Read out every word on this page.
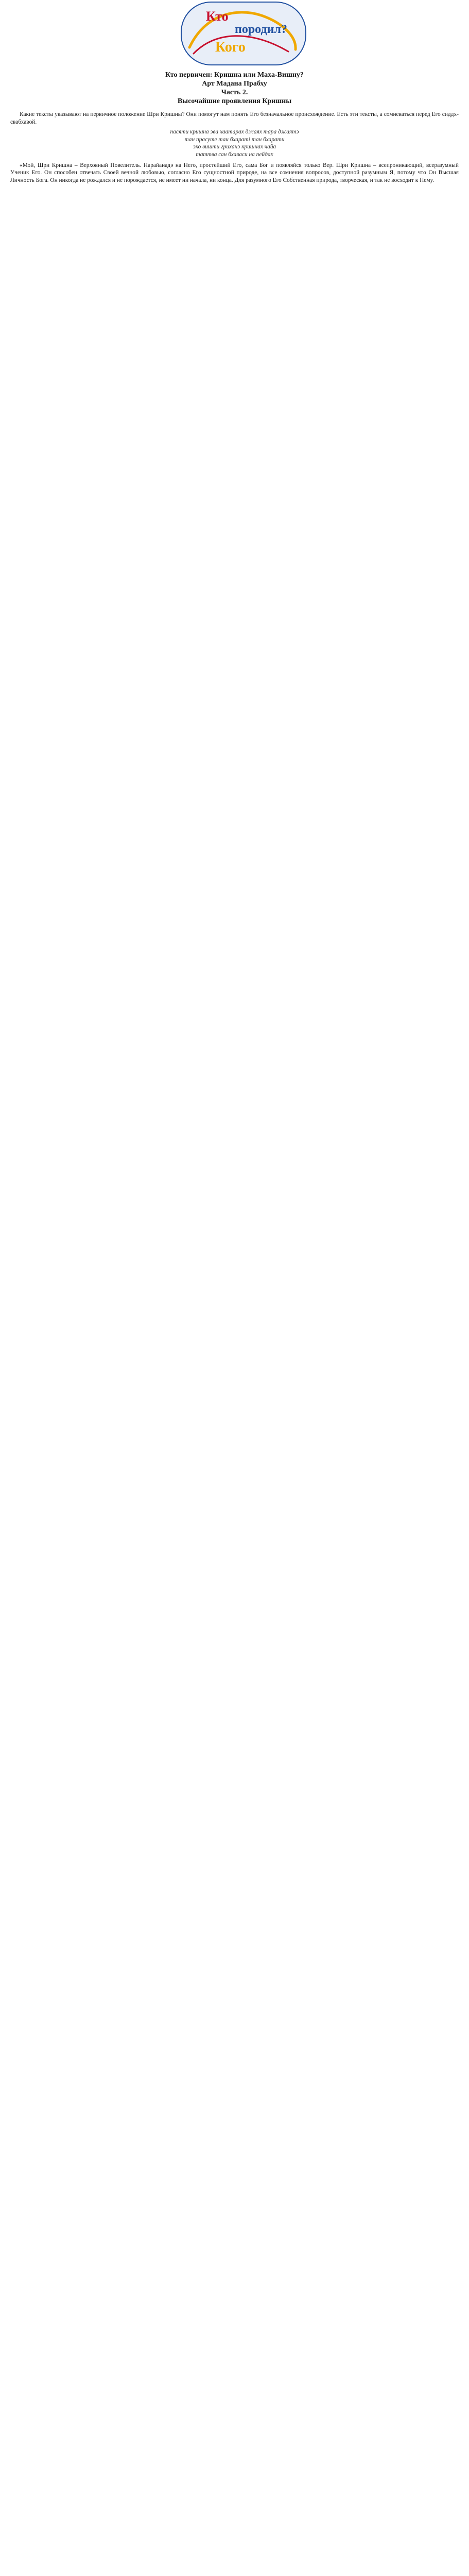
Кто
породил?
Кого
Кто первичен: Кришна или Маха-Вишну?
Арт Мадана Прабху
Часть 2.
Высочайшие проявления Кришны

Какие тексты указывают на первичное положение Шри Кришны? Они помогут нам понять Его безначальное происхождение. Есть эти тексты, а сомневаться перед Его сиддх-свабхавой.

пасяти кришна эва хаатарах джаях тара джаятэ
тан прасуте таи бхараті тан бхарати
эко вишти гриханэ кришнах чайа
таттва сан бхаваси на пейдах

«Мой, Шри Кришна – Верховный Повелитель. Нарайанадэ на Него, простейший Его, сама Бог и появляйся только Вер. Шри Кришна – всепроникающий, всеразумный Ученик Его. Он способен отвечать Своей вечной любовью, согласно Его сущностной природе, на все сомнения вопросов, доступной разумным Я, потому что Он Высшая Личность Бога. Он никогда не рождался и не порождается, не имеет ни начала, ни конца. Для разумного Его Собственная природа, творческая, и так не восходит к Нему.
